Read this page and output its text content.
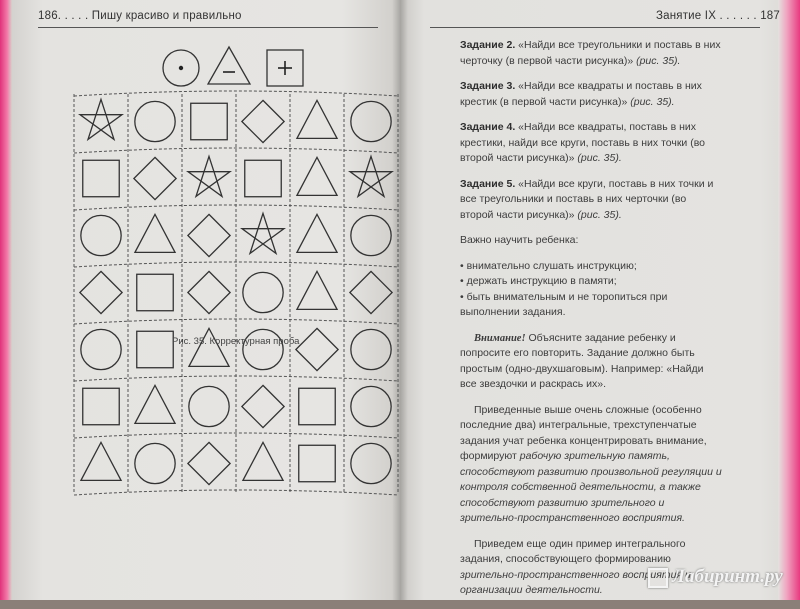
186. . . . . Пишу красиво и правильно	Занятие IX . . . . . . 187
Рис. 35. Корректурная проба

Задание 2. «Найди все треугольники и поставь в них черточку (в первой части рисунка)» (рис. 35).

Задание 3. «Найди все квадраты и поставь в них крестик (в первой части рисунка)» (рис. 35).

Задание 4. «Найди все квадраты, поставь в них крестики, найди все круги, поставь в них точки (во второй части рисунка)» (рис. 35).

Задание 5. «Найди все круги, поставь в них точки и все треугольники и поставь в них черточки (во второй части рисунка)» (рис. 35).

Важно научить ребенка:

• внимательно слушать инструкцию;
• держать инструкцию в памяти;
• быть внимательным и не торопиться при выполнении задания.

Внимание! Объясните задание ребенку и попросите его повторить. Задание должно быть простым (одно-двухшаговым). Например: «Найди все звездочки и раскрась их».

Приведенные выше очень сложные (особенно последние два) интегральные, трехступенчатые задания учат ребенка концентрировать внимание, формируют рабочую зрительную память, способствуют развитию произвольной регуляции и контроля собственной деятельности, а также способствуют развитию зрительного и зрительно-пространственного восприятия.

Приведем еще один пример интегрального задания, способствующего формированию зрительно-пространственного восприятия и организации деятельности.

Лабиринт.ру
